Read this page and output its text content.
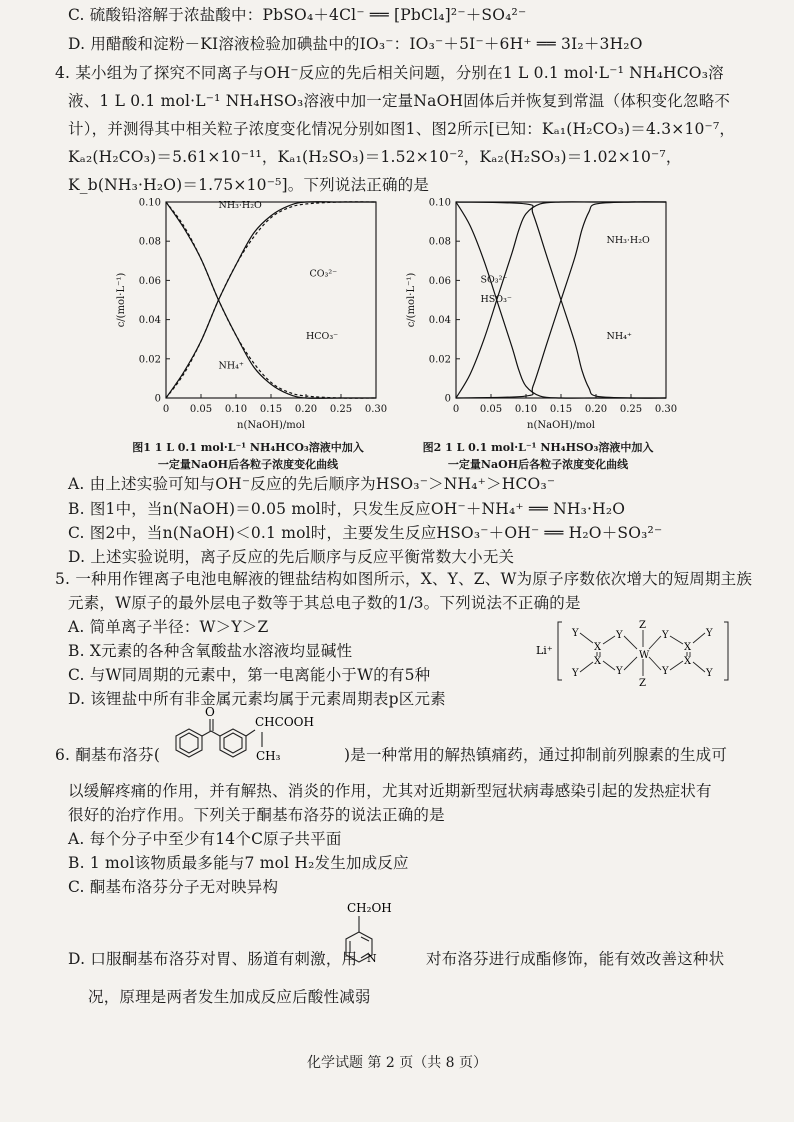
C. 硫酸铅溶解于浓盐酸中：PbSO₄＋4Cl⁻ ══ [PbCl₄]²⁻＋SO₄²⁻
D. 用醋酸和淀粉－KI溶液检验加碘盐中的IO₃⁻：IO₃⁻＋5I⁻＋6H⁺ ══ 3I₂＋3H₂O
4. 某小组为了探究不同离子与OH⁻反应的先后相关问题，分别在1 L 0.1 mol·L⁻¹ NH₄HCO₃溶
液、1 L 0.1 mol·L⁻¹ NH₄HSO₃溶液中加一定量NaOH固体后并恢复到常温（体积变化忽略不
计），并测得其中相关粒子浓度变化情况分别如图1、图2所示[已知：Kₐ₁(H₂CO₃)＝4.3×10⁻⁷，
Kₐ₂(H₂CO₃)＝5.61×10⁻¹¹，Kₐ₁(H₂SO₃)＝1.52×10⁻²，Kₐ₂(H₂SO₃)＝1.02×10⁻⁷，
K_b(NH₃·H₂O)＝1.75×10⁻⁵]。下列说法正确的是
0
0.02
0.04
0.06
0.08
0.10
0 0.05 0.10 0.15 0.20 0.25 0.30
n(NaOH)/mol
c/(mol·L⁻¹)
NH₃·H₂O
NH₄⁺
CO₃²⁻
HCO₃⁻
图1 1 L 0.1 mol·L⁻¹ NH₄HCO₃溶液中加入
一定量NaOH后各粒子浓度变化曲线
0
0.02
0.04
0.06
0.08
0.10
0 0.05 0.10 0.15 0.20 0.25 0.30
n(NaOH)/mol
c/(mol·L⁻¹)	SO₃²⁻
HSO₃⁻
NH₃·H₂O
NH₄⁺
图2 1 L 0.1 mol·L⁻¹ NH₄HSO₃溶液中加入
一定量NaOH后各粒子浓度变化曲线
A. 由上述实验可知与OH⁻反应的先后顺序为HSO₃⁻＞NH₄⁺＞HCO₃⁻
B. 图1中，当n(NaOH)＝0.05 mol时，只发生反应OH⁻＋NH₄⁺ ══ NH₃·H₂O
C. 图2中，当n(NaOH)＜0.1 mol时，主要发生反应HSO₃⁻＋OH⁻ ══ H₂O＋SO₃²⁻
D. 上述实验说明，离子反应的先后顺序与反应平衡常数大小无关
5. 一种用作锂离子电池电解液的锂盐结构如图所示，X、Y、Z、W为原子序数依次增大的短周期主族
元素，W原子的最外层电子数等于其总电子数的1/3。下列说法不正确的是
A. 简单离子半径：W＞Y＞Z
B. X元素的各种含氧酸盐水溶液均显碱性
C. 与W同周期的元素中，第一电离能小于W的有5种
D. 该锂盐中所有非金属元素均属于元素周期表p区元素
Li⁺
Y
Y
X
X
Y
Y
W
Z
Z
Y
Y
X
X
Y
Y
6. 酮基布洛芬(
O
CHCOOH
CH₃	)是一种常用的解热镇痛药，通过抑制前列腺素的生成可
以缓解疼痛的作用，并有解热、消炎的作用，尤其对近期新型冠状病毒感染引起的发热症状有
很好的治疗作用。下列关于酮基布洛芬的说法正确的是
A. 每个分子中至少有14个C原子共平面
B. 1 mol该物质最多能与7 mol H₂发生加成反应
C. 酮基布洛芬分子无对映异构
D. 口服酮基布洛芬对胃、肠道有刺激，用
CH₂OH
N	对布洛芬进行成酯修饰，能有效改善这种状
况，原理是两者发生加成反应后酸性减弱
化学试题 第 2 页（共 8 页）
